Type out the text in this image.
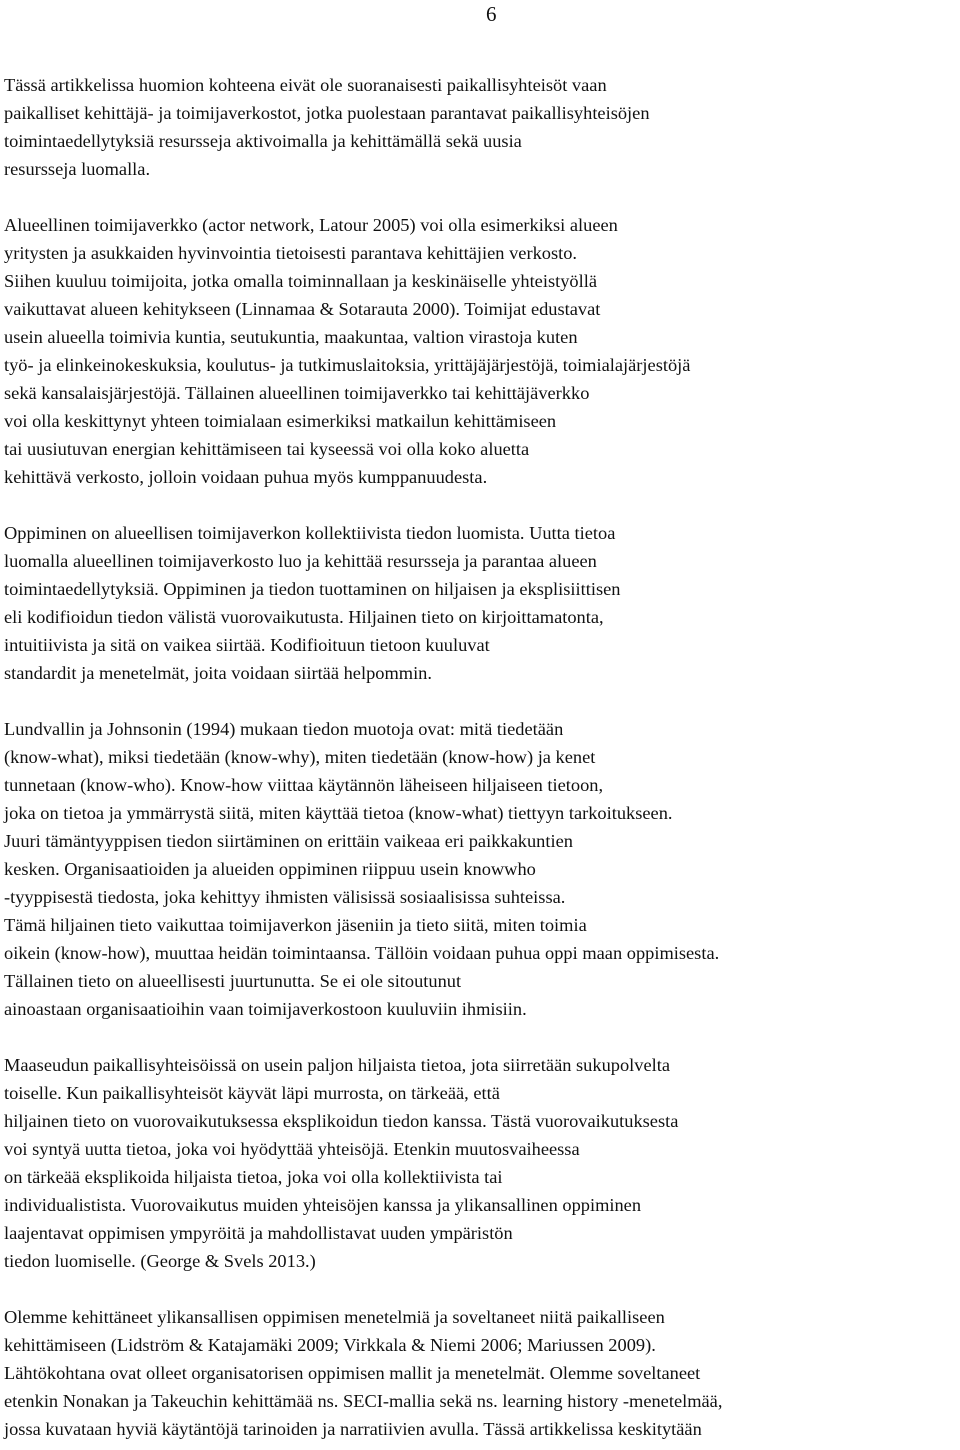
6

Tässä artikkelissa huomion kohteena eivät ole suoranaisesti paikallisyhteisöt vaan
paikalliset kehittäjä- ja toimijaverkostot, jotka puolestaan parantavat paikallisyhteisöjen
toimintaedellytyksiä resursseja aktivoimalla ja kehittämällä sekä uusia
resursseja luomalla.

Alueellinen toimijaverkko (actor network, Latour 2005) voi olla esimerkiksi alueen
yritysten ja asukkaiden hyvinvointia tietoisesti parantava kehittäjien verkosto.
Siihen kuuluu toimijoita, jotka omalla toiminnallaan ja keskinäiselle yhteistyöllä
vaikuttavat alueen kehitykseen (Linnamaa & Sotarauta 2000). Toimijat edustavat
usein alueella toimivia kuntia, seutukuntia, maakuntaa, valtion virastoja kuten
työ- ja elinkeinokeskuksia, koulutus- ja tutkimuslaitoksia, yrittäjäjärjestöjä, toimialajärjestöjä
sekä kansalaisjärjestöjä. Tällainen alueellinen toimijaverkko tai kehittäjäverkko
voi olla keskittynyt yhteen toimialaan esimerkiksi matkailun kehittämiseen
tai uusiutuvan energian kehittämiseen tai kyseessä voi olla koko aluetta
kehittävä verkosto, jolloin voidaan puhua myös kumppanuudesta.

Oppiminen on alueellisen toimijaverkon kollektiivista tiedon luomista. Uutta tietoa
luomalla alueellinen toimijaverkosto luo ja kehittää resursseja ja parantaa alueen
toimintaedellytyksiä. Oppiminen ja tiedon tuottaminen on hiljaisen ja eksplisiittisen
eli kodifioidun tiedon välistä vuorovaikutusta. Hiljainen tieto on kirjoittamatonta,
intuitiivista ja sitä on vaikea siirtää. Kodifioituun tietoon kuuluvat
standardit ja menetelmät, joita voidaan siirtää helpommin.

Lundvallin ja Johnsonin (1994) mukaan tiedon muotoja ovat: mitä tiedetään
(know-what), miksi tiedetään (know-why), miten tiedetään (know-how) ja kenet
tunnetaan (know-who). Know-how viittaa käytännön läheiseen hiljaiseen tietoon,
joka on tietoa ja ymmärrystä siitä, miten käyttää tietoa (know-what) tiettyyn tarkoitukseen.
Juuri tämäntyyppisen tiedon siirtäminen on erittäin vaikeaa eri paikkakuntien
kesken. Organisaatioiden ja alueiden oppiminen riippuu usein knowwho
-tyyppisestä tiedosta, joka kehittyy ihmisten välisissä sosiaalisissa suhteissa.
Tämä hiljainen tieto vaikuttaa toimijaverkon jäseniin ja tieto siitä, miten toimia
oikein (know-how), muuttaa heidän toimintaansa. Tällöin voidaan puhua oppi maan oppimisesta.
Tällainen tieto on alueellisesti juurtunutta. Se ei ole sitoutunut
ainoastaan organisaatioihin vaan toimijaverkostoon kuuluviin ihmisiin.

Maaseudun paikallisyhteisöissä on usein paljon hiljaista tietoa, jota siirretään sukupolvelta
toiselle. Kun paikallisyhteisöt käyvät läpi murrosta, on tärkeää, että
hiljainen tieto on vuorovaikutuksessa eksplikoidun tiedon kanssa. Tästä vuorovaikutuksesta
voi syntyä uutta tietoa, joka voi hyödyttää yhteisöjä. Etenkin muutosvaiheessa
on tärkeää eksplikoida hiljaista tietoa, joka voi olla kollektiivista tai
individualistista. Vuorovaikutus muiden yhteisöjen kanssa ja ylikansallinen oppiminen
laajentavat oppimisen ympyröitä ja mahdollistavat uuden ympäristön
tiedon luomiselle. (George & Svels 2013.)

Olemme kehittäneet ylikansallisen oppimisen menetelmiä ja soveltaneet niitä paikalliseen
kehittämiseen (Lidström & Katajamäki 2009; Virkkala & Niemi 2006; Mariussen 2009).
Lähtökohtana ovat olleet organisatorisen oppimisen mallit ja menetelmät. Olemme soveltaneet
etenkin Nonakan ja Takeuchin kehittämää ns. SECI-mallia sekä ns. learning history -menetelmää,
jossa kuvataan hyviä käytäntöjä tarinoiden ja narratiivien avulla. Tässä artikkelissa keskitytään
